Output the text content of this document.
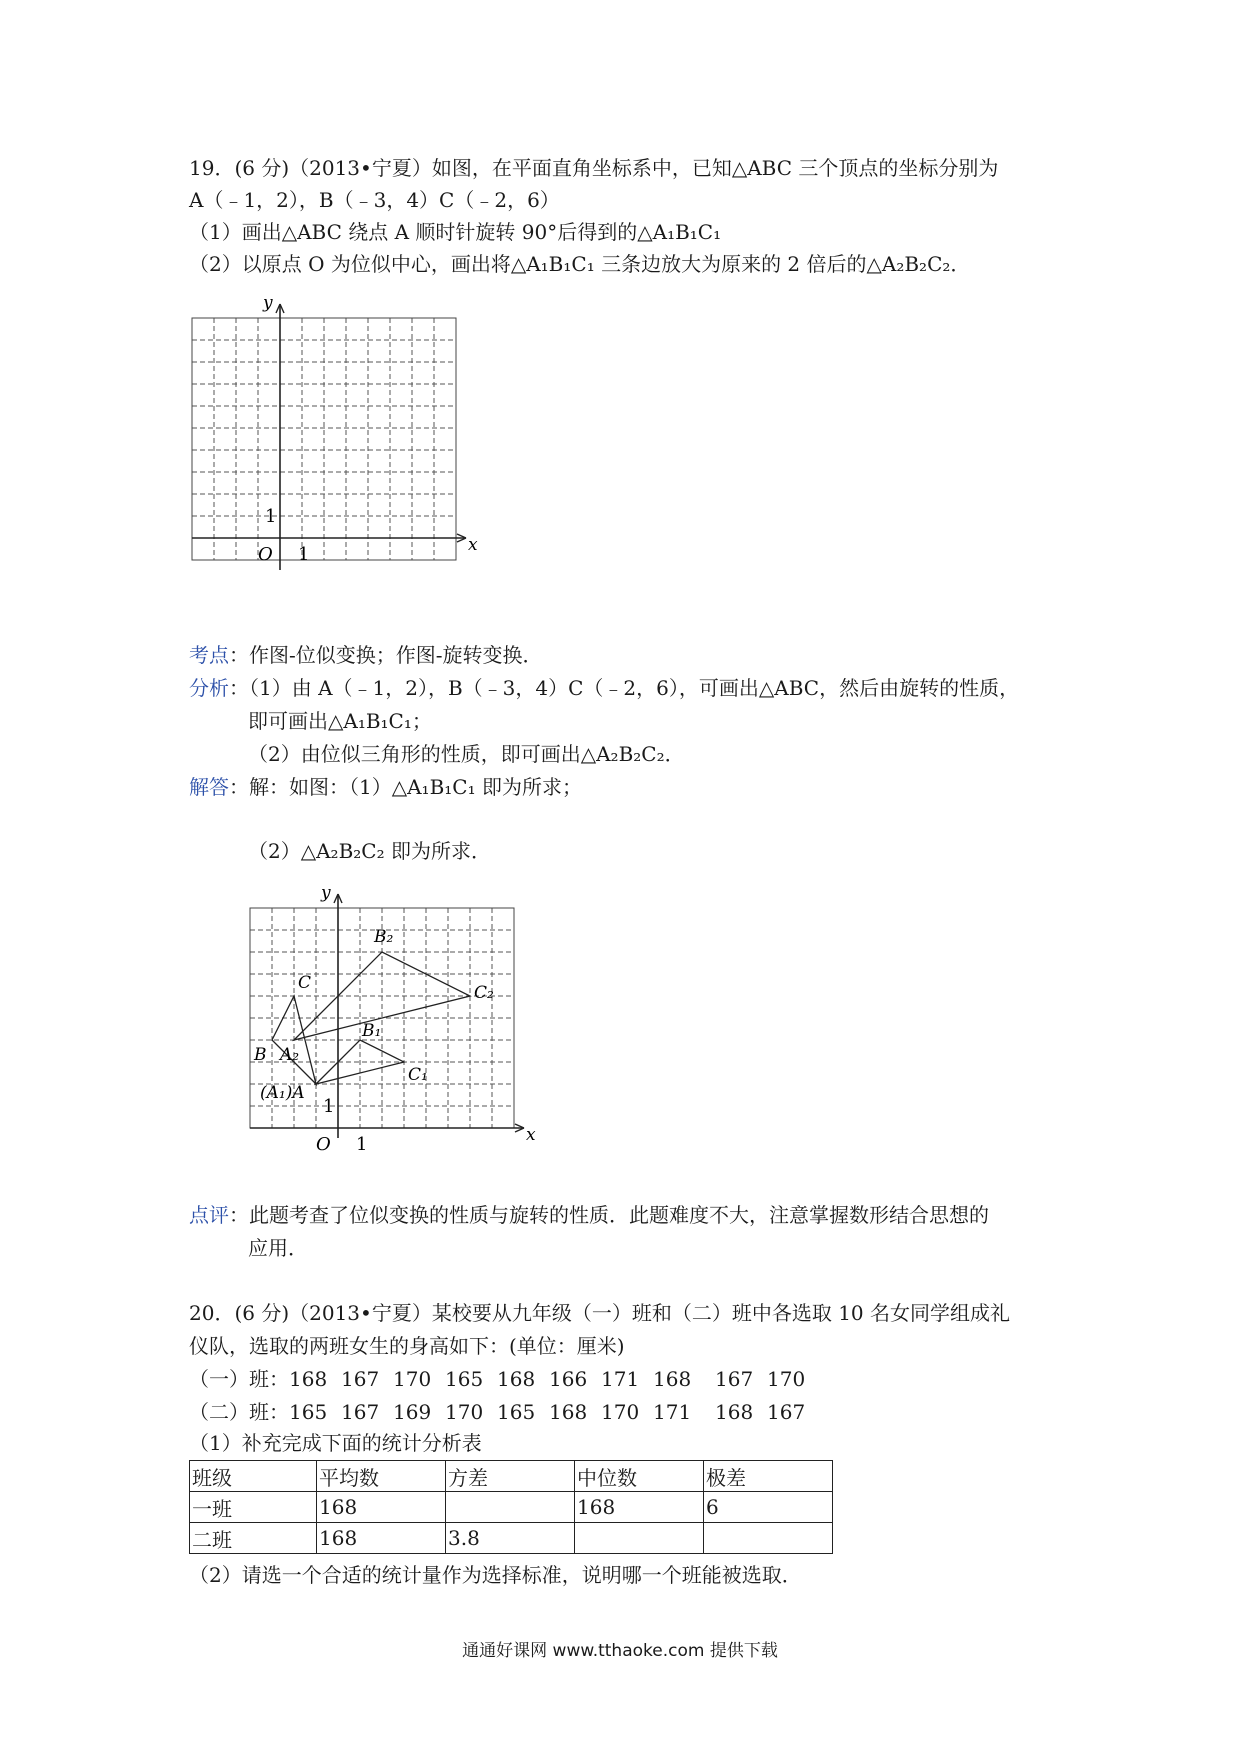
19．(6 分)（2013•宁夏）如图，在平面直角坐标系中，已知△ABC 三个顶点的坐标分别为
A（﹣1，2），B（﹣3，4）C（﹣2，6）
（1）画出△ABC 绕点 A 顺时针旋转 90°后得到的△A₁B₁C₁
（2）以原点 O 为位似中心，画出将△A₁B₁C₁ 三条边放大为原来的 2 倍后的△A₂B₂C₂．
x
y
O 1
1
考点：作图-位似变换；作图-旋转变换．
分析：（1）由 A（﹣1，2），B（﹣3，4）C（﹣2，6），可画出△ABC，然后由旋转的性质，
即可画出△A₁B₁C₁；
（2）由位似三角形的性质，即可画出△A₂B₂C₂．
解答：解：如图：（1）△A₁B₁C₁ 即为所求；
（2）△A₂B₂C₂ 即为所求．
x
y
O 1
1
(A₁)A
B
C
B₁
C₁
A₂
B₂
C₂
点评：此题考查了位似变换的性质与旋转的性质．此题难度不大，注意掌握数形结合思想的
应用．
20．(6 分)（2013•宁夏）某校要从九年级（一）班和（二）班中各选取 10 名女同学组成礼
仪队，选取的两班女生的身高如下：(单位：厘米)
（一）班：168 167 170 165 168 166 171 168 167 170
（二）班：165 167 169 170 165 168 170 171 168 167
（1）补充完成下面的统计分析表
班级	平均数	方差	中位数	极差
一班	168		168	6
二班	168	3.8		
（2）请选一个合适的统计量作为选择标准，说明哪一个班能被选取．
通通好课网 www.tthaoke.com 提供下载
